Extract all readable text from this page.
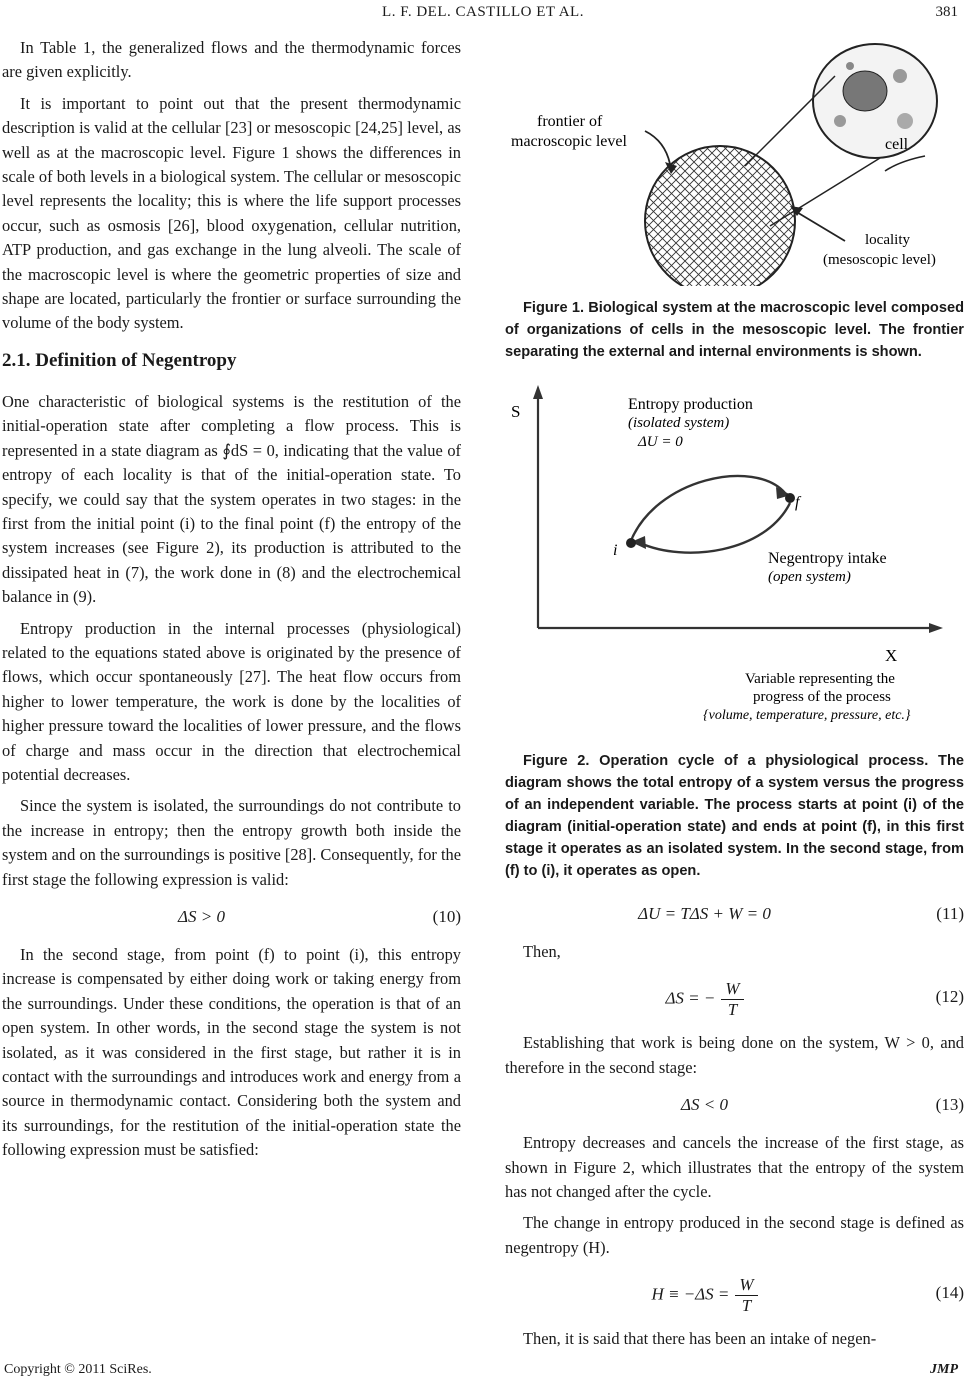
L. F. DEL. CASTILLO ET AL.	381

In Table 1, the generalized flows and the thermodynamic forces are given explicitly.

It is important to point out that the present thermodynamic description is valid at the cellular [23] or mesoscopic [24,25] level, as well as at the macroscopic level. Figure 1 shows the differences in scale of both levels in a biological system. The cellular or mesoscopic level represents the locality; this is where the life support processes occur, such as osmosis [26], blood oxygenation, cellular nutrition, ATP production, and gas exchange in the lung alveoli. The scale of the macroscopic level is where the geometric properties of size and shape are located, particularly the frontier or surface surrounding the volume of the body system.

2.1. Definition of Negentropy

One characteristic of biological systems is the restitution of the initial-operation state after completing a flow process. This is represented in a state diagram as ∮dS = 0, indicating that the value of entropy of each locality is that of the initial-operation state. To specify, we could say that the system operates in two stages: in the first from the initial point (i) to the final point (f) the entropy of the system increases (see Figure 2), its production is attributed to the dissipated heat in (7), the work done in (8) and the electrochemical balance in (9).

Entropy production in the internal processes (physiological) related to the equations stated above is originated by the presence of flows, which occur spontaneously [27]. The heat flow occurs from higher to lower temperature, the work is done by the localities of higher pressure toward the localities of lower pressure, and the flows of charge and mass occur in the direction that electrochemical potential decreases.

Since the system is isolated, the surroundings do not contribute to the increase in entropy; then the entropy growth both inside the system and on the surroundings is positive [28]. Consequently, for the first stage the following expression is valid:

ΔS > 0	(10)

In the second stage, from point (f) to point (i), this entropy increase is compensated by either doing work or taking energy from the surroundings. Under these conditions, the operation is that of an open system. In other words, in the second stage the system is not isolated, as it was considered in the first stage, but rather it is in contact with the surroundings and introduces work and energy from a source in thermodynamic contact. Considering both the system and its surroundings, for the restitution of the initial-operation state the following expression must be satisfied:

frontier of
macroscopic level	cell
locality
(mesoscopic level)

Figure 1. Biological system at the macroscopic level composed of organizations of cells in the mesoscopic level. The frontier separating the external and internal environments is shown.

S
X
Entropy production
(isolated system)
ΔU = 0
f
i	Negentropy intake
(open system)
Variable representing the
progress of the process
{volume, temperature, pressure, etc.}

Figure 2. Operation cycle of a physiological process. The diagram shows the total entropy of a system versus the progress of an independent variable. The process starts at point (i) of the diagram (initial-operation state) and ends at point (f), in this first stage it operates as an isolated system. In the second stage, from (f) to (i), it operates as open.

ΔU = TΔS + W = 0	(11)

Then,

ΔS = − $\frac{W}{T}$	(12)

Establishing that work is being done on the system, W > 0, and therefore in the second stage:

ΔS < 0	(13)

Entropy decreases and cancels the increase of the first stage, as shown in Figure 2, which illustrates that the entropy of the system has not changed after the cycle.

The change in entropy produced in the second stage is defined as negentropy (H).

$H \equiv -\Delta S = \frac{W}{T}$	(14)

Then, it is said that there has been an intake of negen-

Copyright © 2011 SciRes.	JMP
